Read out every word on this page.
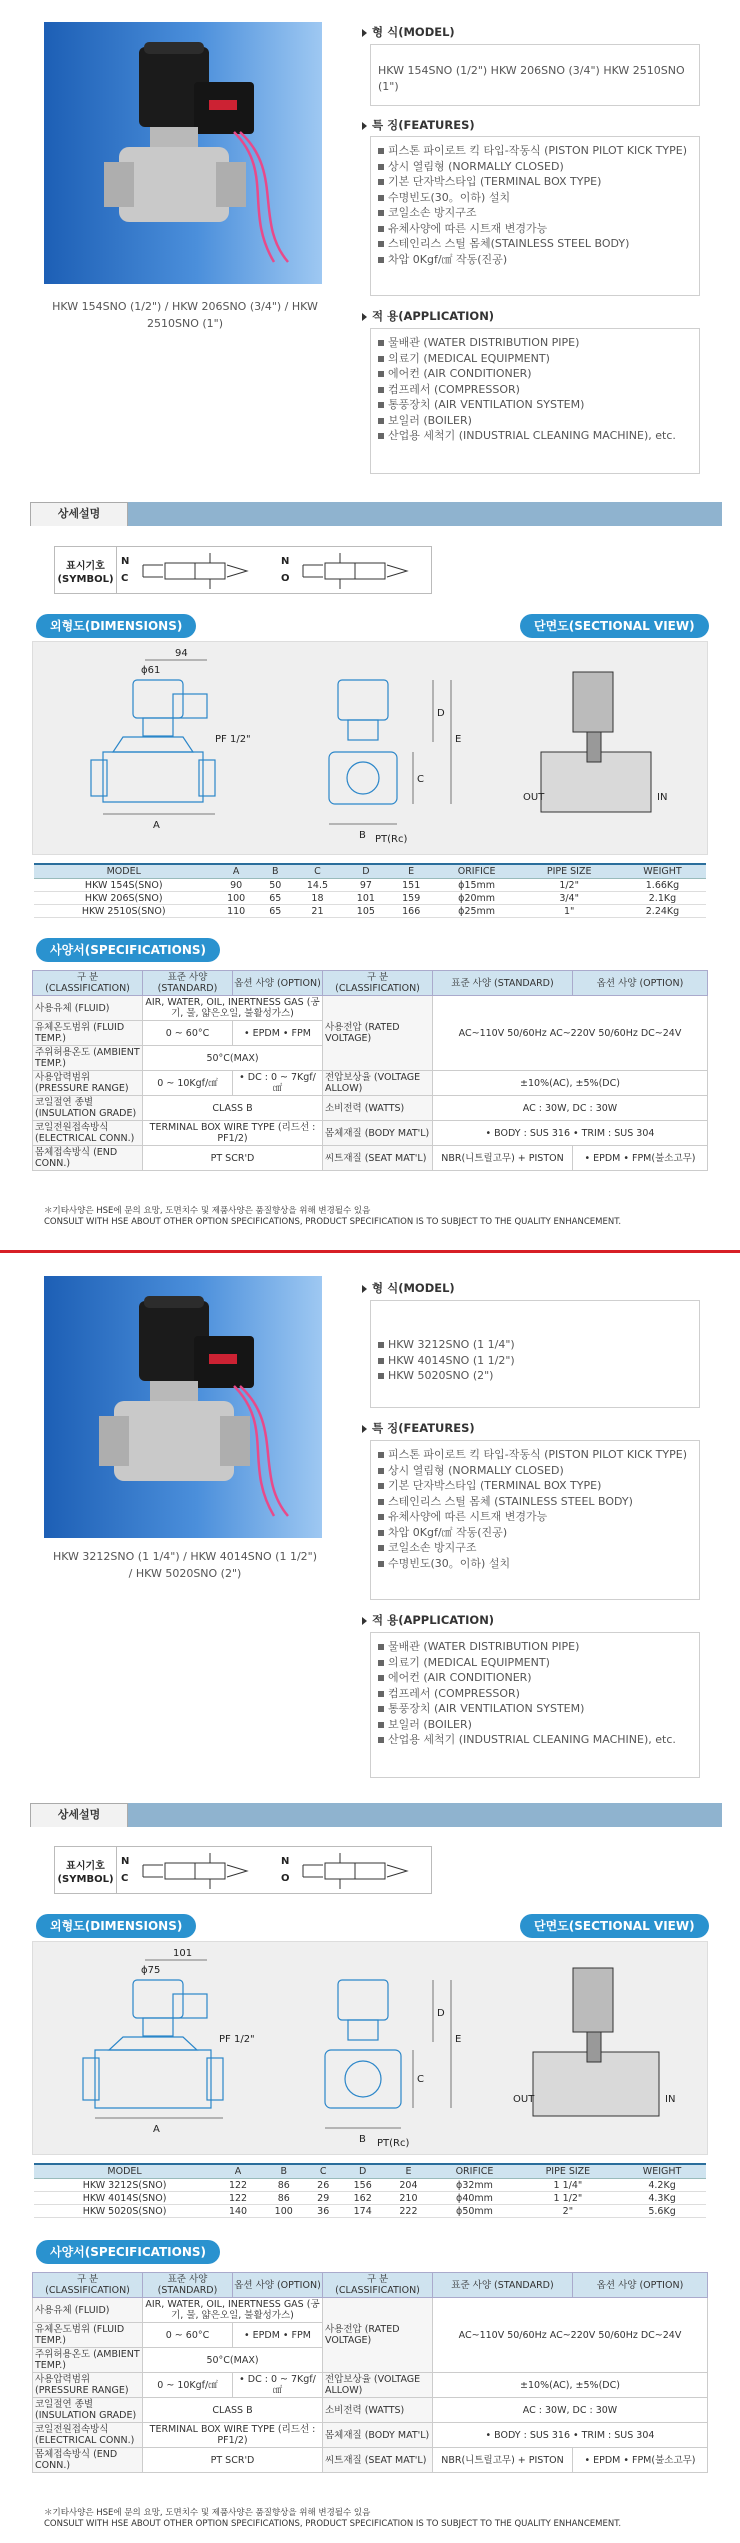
HKW 154SNO (1/2") / HKW 206SNO (3/4") / HKW 2510SNO (1")
형 식(MODEL)
HKW 154SNO (1/2") HKW 206SNO (3/4") HKW 2510SNO (1")
특 징(FEATURES)
피스톤 파이로트 킥 타입-작동식 (PISTON PILOT KICK TYPE)
상시 열림형 (NORMALLY CLOSED)
기본 단자박스타입 (TERMINAL BOX TYPE)
수명빈도(30。이하) 설치
코일소손 방지구조
유체사양에 따른 시트재 변경가능
스테인리스 스틸 몸체(STAINLESS STEEL BODY)
차압 0Kgf/㎠ 작동(진공)
적 용(APPLICATION)
물배관 (WATER DISTRIBUTION PIPE)
의료기 (MEDICAL EQUIPMENT)
에어컨 (AIR CONDITIONER)
컴프레서 (COMPRESSOR)
통풍장치 (AIR VENTILATION SYSTEM)
보일러 (BOILER)
산업용 세척기 (INDUSTRIAL CLEANING MACHINE), etc.
상세설명
표시기호 (SYMBOL)
N C
N O
외형도(DIMENSIONS)	단면도(SECTIONAL VIEW)
ϕ61
94
PF 1/2"
A
B
C
D
E
PT(Rc)
OUT	IN
MODEL	A	B	C	D	E	ORIFICE	PIPE SIZE	WEIGHT
HKW 154S(SNO)	90	50	14.5	97	151	ϕ15mm	1/2"	1.66Kg
HKW 206S(SNO)	100	65	18	101	159	ϕ20mm	3/4"	2.1Kg
HKW 2510S(SNO)	110	65	21	105	166	ϕ25mm	1"	2.24Kg
사양서(SPECIFICATIONS)
구 분 (CLASSIFICATION)	표준 사양 (STANDARD)	옵션 사양 (OPTION)	구 분 (CLASSIFICATION)	표준 사양 (STANDARD)	옵션 사양 (OPTION)
사용유체 (FLUID)	AIR, WATER, OIL, INERTNESS GAS (공기, 물, 얇은오일, 불활성가스)		사용전압 (RATED VOLTAGE)	AC~110V 50/60Hz AC~220V 50/60Hz DC~24V	
유체온도범위 (FLUID TEMP.)	0 ~ 60°C	• EPDM • FPM			
주위허용온도 (AMBIENT TEMP.)	50°C(MAX)				
사용압력범위 (PRESSURE RANGE)	0 ~ 10Kgf/㎠	• DC : 0 ~ 7Kgf/㎠	전압보상율 (VOLTAGE ALLOW)	±10%(AC), ±5%(DC)	
코일절연 종별 (INSULATION GRADE)	CLASS B		소비전력 (WATTS)	AC : 30W, DC : 30W	
코일전원접속방식 (ELECTRICAL CONN.)	TERMINAL BOX WIRE TYPE (리드선 : PF1/2)		몸체재질 (BODY MAT'L)	• BODY : SUS 316 • TRIM : SUS 304	
몸체접속방식 (END CONN.)	PT SCR'D		씨트재질 (SEAT MAT'L)	NBR(니트릴고무) + PISTON	• EPDM • FPM(불소고무)
＊기타사양은 HSE에 문의 요망, 도면치수 및 제품사양은 품질향상을 위해 변경될수 있음
CONSULT WITH HSE ABOUT OTHER OPTION SPECIFICATIONS, PRODUCT SPECIFICATION IS TO SUBJECT TO THE QUALITY ENHANCEMENT.
HKW 3212SNO (1 1/4") / HKW 4014SNO (1 1/2") / HKW 5020SNO (2")
형 식(MODEL)
HKW 3212SNO (1 1/4")
HKW 4014SNO (1 1/2")
HKW 5020SNO (2")
특 징(FEATURES)
피스톤 파이로트 킥 타입-작동식 (PISTON PILOT KICK TYPE)
상시 열림형 (NORMALLY CLOSED)
기본 단자박스타입 (TERMINAL BOX TYPE)
스테인리스 스틸 몸체 (STAINLESS STEEL BODY)
유체사양에 따른 시트재 변경가능
차압 0Kgf/㎠ 작동(진공)
코일소손 방지구조
수명빈도(30。이하) 설치
적 용(APPLICATION)
물배관 (WATER DISTRIBUTION PIPE)
의료기 (MEDICAL EQUIPMENT)
에어컨 (AIR CONDITIONER)
컴프레서 (COMPRESSOR)
통풍장치 (AIR VENTILATION SYSTEM)
보일러 (BOILER)
산업용 세척기 (INDUSTRIAL CLEANING MACHINE), etc.
상세설명
표시기호 (SYMBOL)
N C
N O
외형도(DIMENSIONS)	단면도(SECTIONAL VIEW)
ϕ75
101
PF 1/2"
A
B
C
D
E
PT(Rc)
OUT	IN
MODEL	A	B	C	D	E	ORIFICE	PIPE SIZE	WEIGHT
HKW 3212S(SNO)	122	86	26	156	204	ϕ32mm	1 1/4"	4.2Kg
HKW 4014S(SNO)	122	86	29	162	210	ϕ40mm	1 1/2"	4.3Kg
HKW 5020S(SNO)	140	100	36	174	222	ϕ50mm	2"	5.6Kg
사양서(SPECIFICATIONS)
구 분 (CLASSIFICATION)	표준 사양 (STANDARD)	옵션 사양 (OPTION)	구 분 (CLASSIFICATION)	표준 사양 (STANDARD)	옵션 사양 (OPTION)
사용유체 (FLUID)	AIR, WATER, OIL, INERTNESS GAS (공기, 물, 얇은오일, 불활성가스)		사용전압 (RATED VOLTAGE)	AC~110V 50/60Hz AC~220V 50/60Hz DC~24V	
유체온도범위 (FLUID TEMP.)	0 ~ 60°C	• EPDM • FPM			
주위허용온도 (AMBIENT TEMP.)	50°C(MAX)				
사용압력범위 (PRESSURE RANGE)	0 ~ 10Kgf/㎠	• DC : 0 ~ 7Kgf/㎠	전압보상율 (VOLTAGE ALLOW)	±10%(AC), ±5%(DC)	
코일절연 종별 (INSULATION GRADE)	CLASS B		소비전력 (WATTS)	AC : 30W, DC : 30W	
코일전원접속방식 (ELECTRICAL CONN.)	TERMINAL BOX WIRE TYPE (리드선 : PF1/2)		몸체재질 (BODY MAT'L)	• BODY : SUS 316 • TRIM : SUS 304	
몸체접속방식 (END CONN.)	PT SCR'D		씨트재질 (SEAT MAT'L)	NBR(니트릴고무) + PISTON	• EPDM • FPM(불소고무)
＊기타사양은 HSE에 문의 요망, 도면치수 및 제품사양은 품질향상을 위해 변경될수 있음
CONSULT WITH HSE ABOUT OTHER OPTION SPECIFICATIONS, PRODUCT SPECIFICATION IS TO SUBJECT TO THE QUALITY ENHANCEMENT.
